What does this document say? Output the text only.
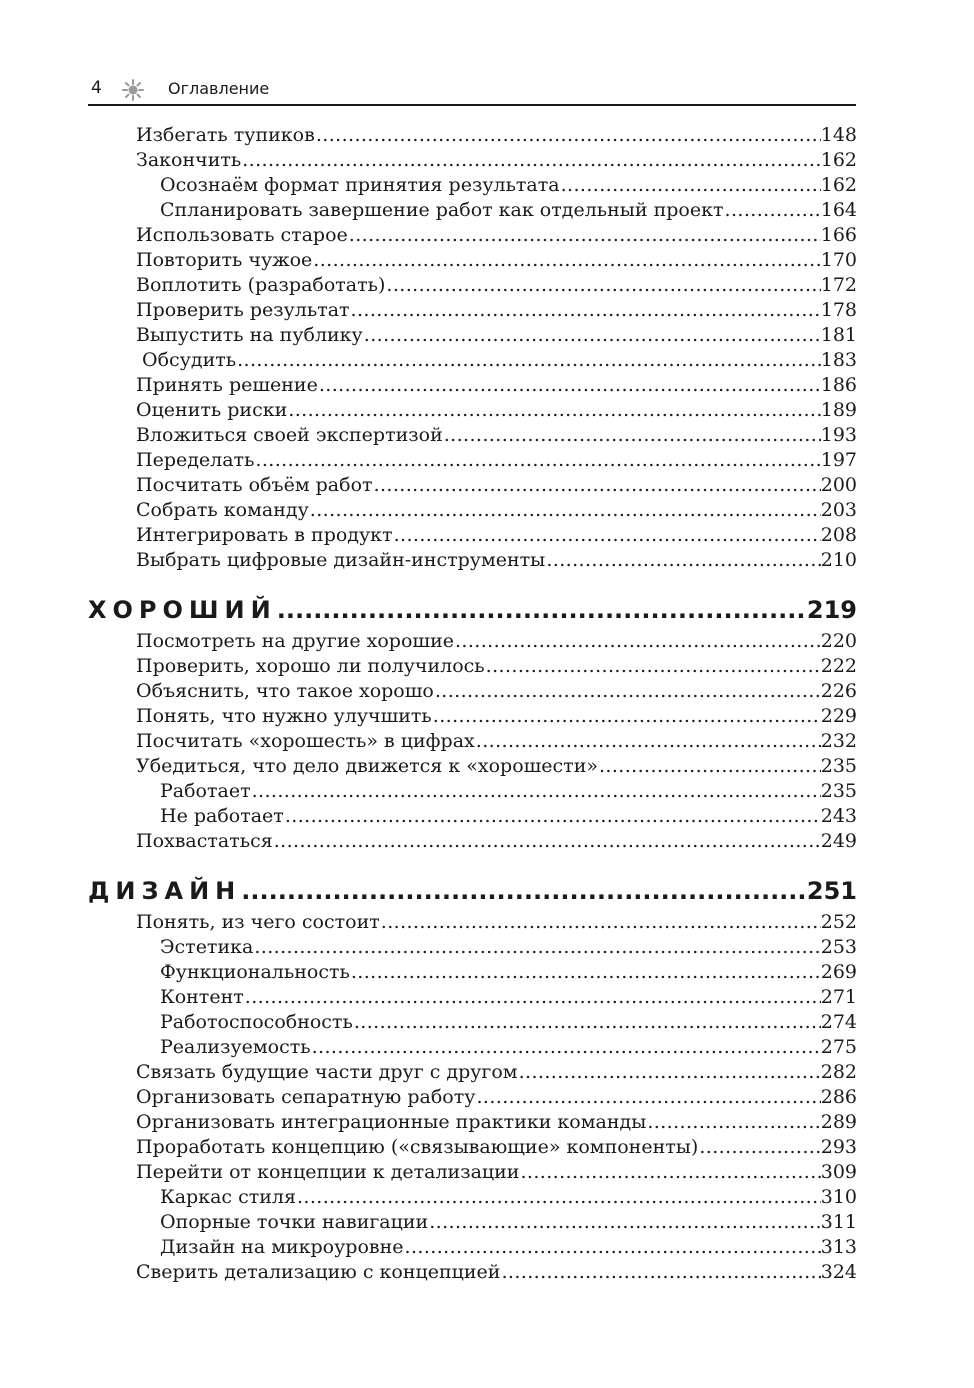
4	Оглавление
Избегать тупиков .....	148
Закончить .....	162
Осознаём формат принятия результата .....	162
Спланировать завершение работ как отдельный проект .....	164
Использовать старое .....	166
Повторить чужое .....	170
Воплотить (разработать) .....	172
Проверить результат .....	178
Выпустить на публику .....	181
Обсудить .....	183
Принять решение .....	186
Оценить риски .....	189
Вложиться своей экспертизой .....	193
Переделать .....	197
Посчитать объём работ .....	200
Собрать команду .....	203
Интегрировать в продукт .....	208
Выбрать цифровые дизайн-инструменты .....	210
ХОРОШИЙ .....	219
Посмотреть на другие хорошие .....	220
Проверить, хорошо ли получилось .....	222
Объяснить, что такое хорошо .....	226
Понять, что нужно улучшить .....	229
Посчитать «хорошесть» в цифрах .....	232
Убедиться, что дело движется к «хорошести» .....	235
Работает .....	235
Не работает .....	243
Похвастаться .....	249
ДИЗАЙН .....	251
Понять, из чего состоит .....	252
Эстетика .....	253
Функциональность .....	269
Контент .....	271
Работоспособность .....	274
Реализуемость .....	275
Связать будущие части друг с другом .....	282
Организовать сепаратную работу .....	286
Организовать интеграционные практики команды .....	289
Проработать концепцию («связывающие» компоненты) .....	293
Перейти от концепции к детализации .....	309
Каркас стиля .....	310
Опорные точки навигации .....	311
Дизайн на микроуровне .....	313
Сверить детализацию с концепцией .....	324
